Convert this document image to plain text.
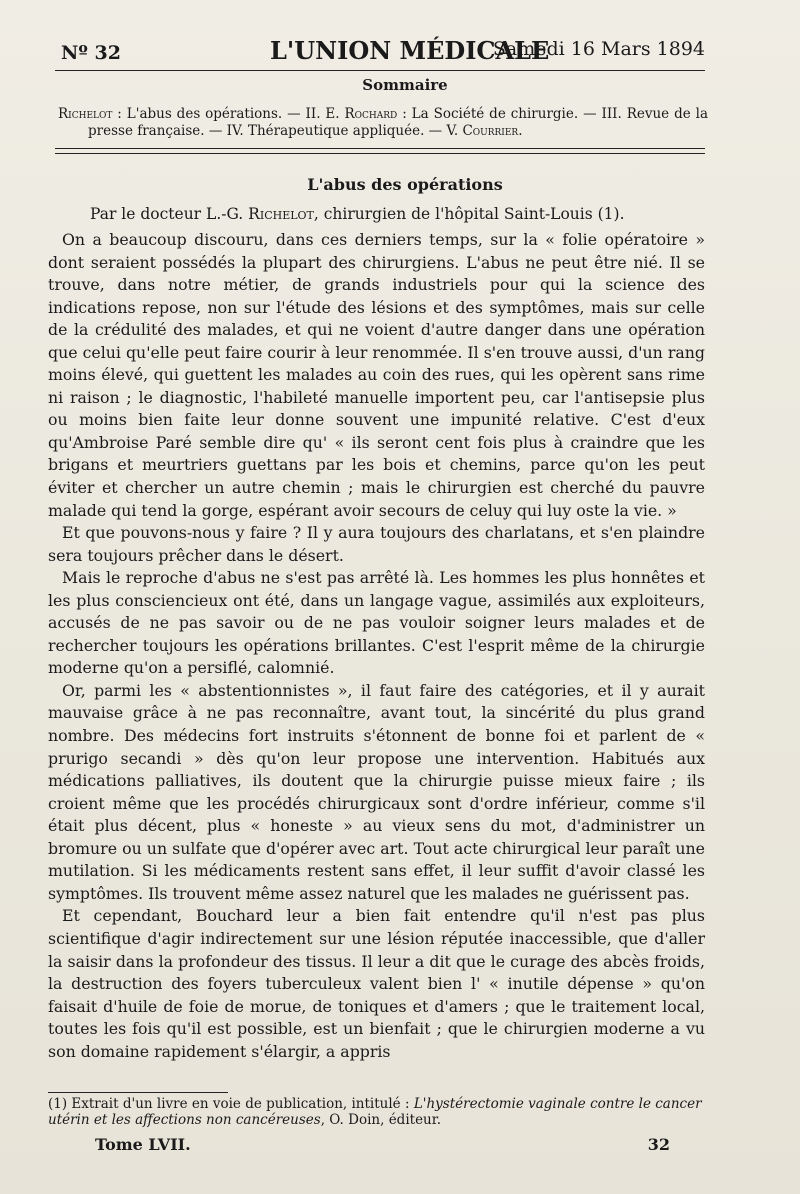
Nº 32	L'UNION MÉDICALE
Samedi 16 Mars 1894
Sommaire
Richelot : L'abus des opérations. — II. E. Rochard : La Société de chirurgie. — III. Revue de la presse française. — IV. Thérapeutique appliquée. — V. Courrier.
L'abus des opérations
Par le docteur L.-G. Richelot, chirurgien de l'hôpital Saint-Louis (1).

On a beaucoup discouru, dans ces derniers temps, sur la « folie opératoire » dont seraient possédés la plupart des chirurgiens. L'abus ne peut être nié. Il se trouve, dans notre métier, de grands industriels pour qui la science des indications repose, non sur l'étude des lésions et des symptômes, mais sur celle de la crédulité des malades, et qui ne voient d'autre danger dans une opération que celui qu'elle peut faire courir à leur renommée. Il s'en trouve aussi, d'un rang moins élevé, qui guettent les malades au coin des rues, qui les opèrent sans rime ni raison ; le diagnostic, l'habileté manuelle importent peu, car l'antisepsie plus ou moins bien faite leur donne souvent une impunité relative. C'est d'eux qu'Ambroise Paré semble dire qu' « ils seront cent fois plus à craindre que les brigans et meurtriers guettans par les bois et chemins, parce qu'on les peut éviter et chercher un autre chemin ; mais le chirurgien est cherché du pauvre malade qui tend la gorge, espérant avoir secours de celuy qui luy oste la vie. »

Et que pouvons-nous y faire ? Il y aura toujours des charlatans, et s'en plaindre sera toujours prêcher dans le désert.

Mais le reproche d'abus ne s'est pas arrêté là. Les hommes les plus honnêtes et les plus consciencieux ont été, dans un langage vague, assimilés aux exploiteurs, accusés de ne pas savoir ou de ne pas vouloir soigner leurs malades et de rechercher toujours les opérations brillantes. C'est l'esprit même de la chirurgie moderne qu'on a persiflé, calomnié.

Or, parmi les « abstentionnistes », il faut faire des catégories, et il y aurait mauvaise grâce à ne pas reconnaître, avant tout, la sincérité du plus grand nombre. Des médecins fort instruits s'étonnent de bonne foi et parlent de « prurigo secandi » dès qu'on leur propose une intervention. Habitués aux médications palliatives, ils doutent que la chirurgie puisse mieux faire ; ils croient même que les procédés chirurgicaux sont d'ordre inférieur, comme s'il était plus décent, plus « honeste » au vieux sens du mot, d'administrer un bromure ou un sulfate que d'opérer avec art. Tout acte chirurgical leur paraît une mutilation. Si les médicaments restent sans effet, il leur suffit d'avoir classé les symptômes. Ils trouvent même assez naturel que les malades ne guérissent pas.

Et cependant, Bouchard leur a bien fait entendre qu'il n'est pas plus scientifique d'agir indirectement sur une lésion réputée inaccessible, que d'aller la saisir dans la profondeur des tissus. Il leur a dit que le curage des abcès froids, la destruction des foyers tuberculeux valent bien l' « inutile dépense » qu'on faisait d'huile de foie de morue, de toniques et d'amers ; que le traitement local, toutes les fois qu'il est possible, est un bienfait ; que le chirurgien moderne a vu son domaine rapidement s'élargir, a appris

(1) Extrait d'un livre en voie de publication, intitulé : L'hystérectomie vaginale contre le cancer utérin et les affections non cancéreuses, O. Doin, éditeur.
Tome LVII.	32
